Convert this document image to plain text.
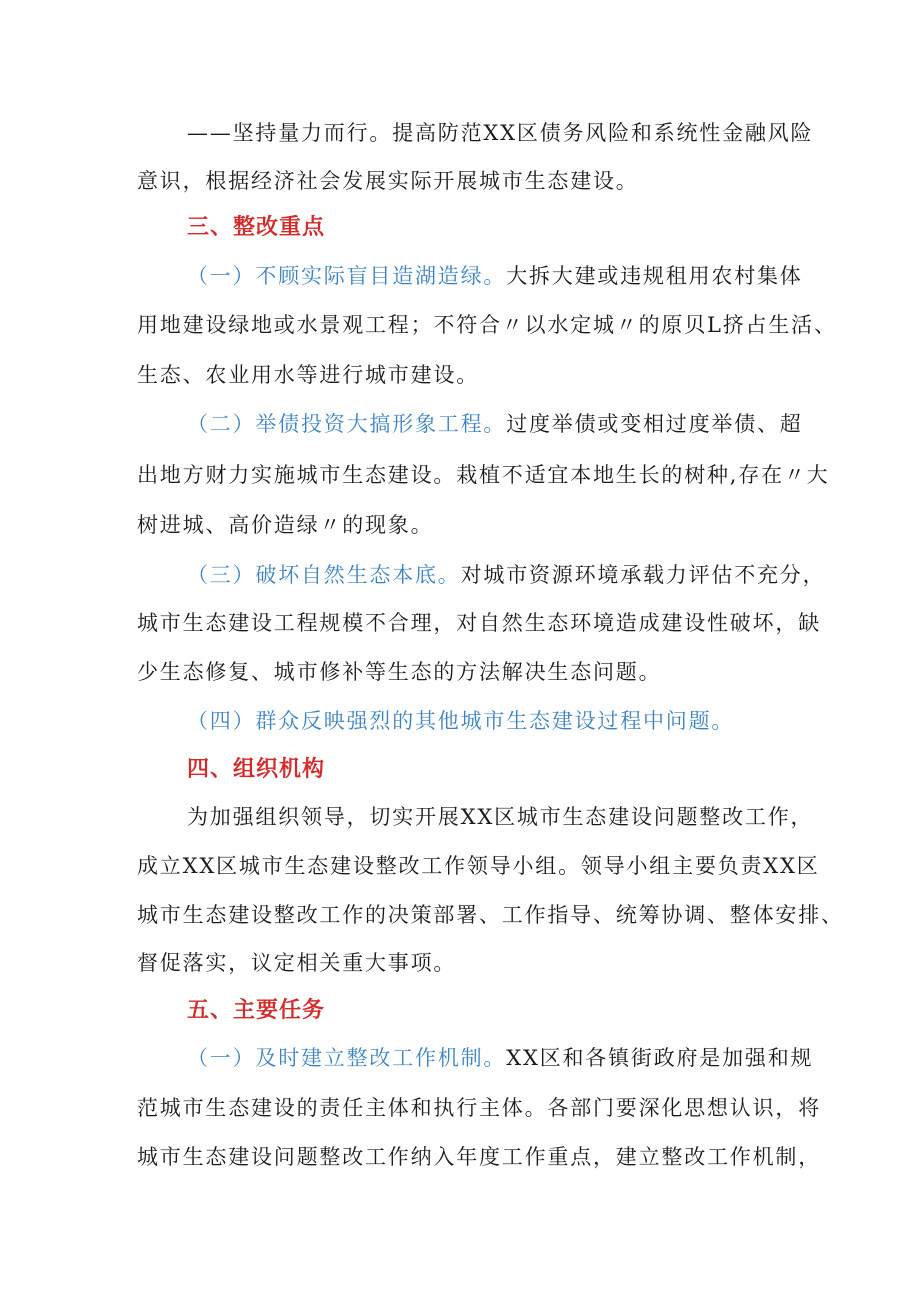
——坚持量力而行。提高防范XX区债务风险和系统性金融风险
意识，根据经济社会发展实际开展城市生态建设。
三、整改重点
（一）不顾实际盲目造湖造绿。大拆大建或违规租用农村集体
用地建设绿地或水景观工程；不符合〃以水定城〃的原贝L挤占生活、
生态、农业用水等进行城市建设。
（二）举债投资大搞形象工程。过度举债或变相过度举债、超
出地方财力实施城市生态建设。栽植不适宜本地生长的树种,存在〃大
树进城、高价造绿〃的现象。
（三）破坏自然生态本底。对城市资源环境承载力评估不充分，
城市生态建设工程规模不合理，对自然生态环境造成建设性破坏，缺
少生态修复、城市修补等生态的方法解决生态问题。
（四）群众反映强烈的其他城市生态建设过程中问题。
四、组织机构
为加强组织领导，切实开展XX区城市生态建设问题整改工作，
成立XX区城市生态建设整改工作领导小组。领导小组主要负责XX区
城市生态建设整改工作的决策部署、工作指导、统筹协调、整体安排、
督促落实，议定相关重大事项。
五、主要任务
（一）及时建立整改工作机制。XX区和各镇街政府是加强和规
范城市生态建设的责任主体和执行主体。各部门要深化思想认识，将
城市生态建设问题整改工作纳入年度工作重点，建立整改工作机制，
